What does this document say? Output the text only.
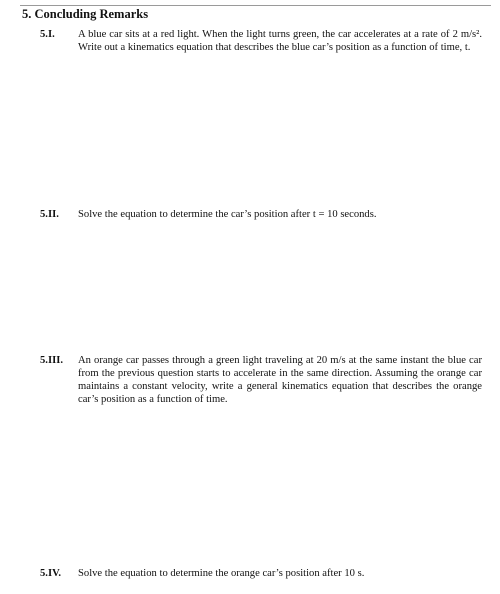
5. Concluding Remarks
5.I. A blue car sits at a red light. When the light turns green, the car accelerates at a rate of 2 m/s². Write out a kinematics equation that describes the blue car’s position as a function of time, t.
5.II. Solve the equation to determine the car’s position after t = 10 seconds.
5.III. An orange car passes through a green light traveling at 20 m/s at the same instant the blue car from the previous question starts to accelerate in the same direction. Assuming the orange car maintains a constant velocity, write a general kinematics equation that describes the orange car’s position as a function of time.
5.IV. Solve the equation to determine the orange car’s position after 10 s.
